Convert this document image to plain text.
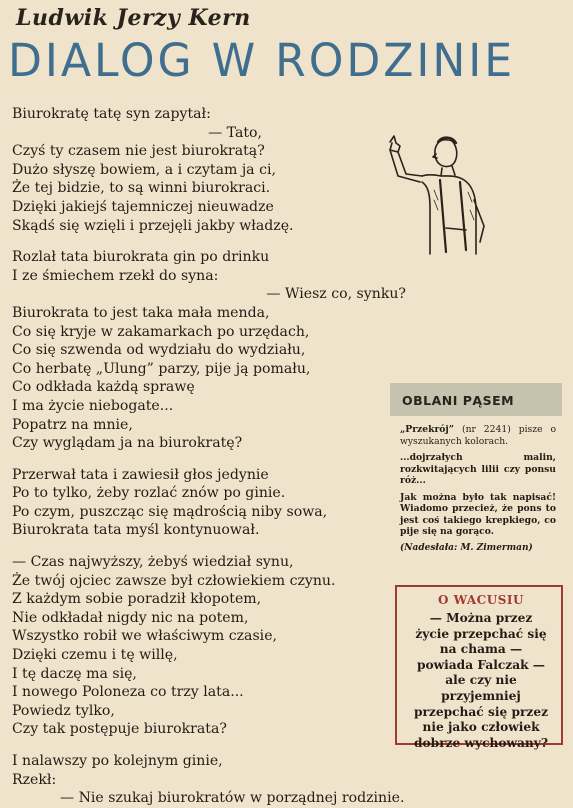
Ludwik Jerzy Kern
DIALOG W RODZINIE
Biurokratę tatę syn zapytał:
— Tato,
Czyś ty czasem nie jest biurokratą?
Dużo słyszę bowiem, a i czytam ja ci,
Że tej bidzie, to są winni biurokraci.
Dzięki jakiejś tajemniczej nieuwadze
Skądś się wzięli i przejęli jakby władzę.
Rozlał tata biurokrata gin po drinku
I ze śmiechem rzekł do syna:
— Wiesz co, synku?
Biurokrata to jest taka mała menda,
Co się kryje w zakamarkach po urzędach,
Co się szwenda od wydziału do wydziału,
Co herbatę „Ulung” parzy, pije ją pomału,
Co odkłada każdą sprawę
I ma życie niebogate...
Popatrz na mnie,
Czy wyglądam ja na biurokratę?
Przerwał tata i zawiesił głos jedynie
Po to tylko, żeby rozlać znów po ginie.
Po czym, puszcząc się mądrością niby sowa,
Biurokrata tata myśl kontynuował.
— Czas najwyższy, żebyś wiedział synu,
Że twój ojciec zawsze był człowiekiem czynu.
Z każdym sobie poradził kłopotem,
Nie odkładał nigdy nic na potem,
Wszystko robił we właściwym czasie,
Dzięki czemu i tę willę,
I tę daczę ma się,
I nowego Poloneza co trzy lata...
Powiedz tylko,
Czy tak postępuje biurokrata?
I nalawszy po kolejnym ginie,
Rzekł:
— Nie szukaj biurokratów w porządnej rodzinie.
OBLANI PĄSEM

„Przekrój” (nr 2241) pisze o wyszukanych kolorach.

...dojrzałych malin, rozkwitających lilii czy ponsu róż...

Jak można było tak napisać! Wiadomo przecież, że pons to jest coś takiego krepkiego, co pije się na gorąco.

(Nadesłała: M. Zimerman)

O WACUSIU
— Można przez życie przepchać się na chama — powiada Falczak — ale czy nie przyjemniej przepchać się przez nie jako człowiek dobrze wychowany?
